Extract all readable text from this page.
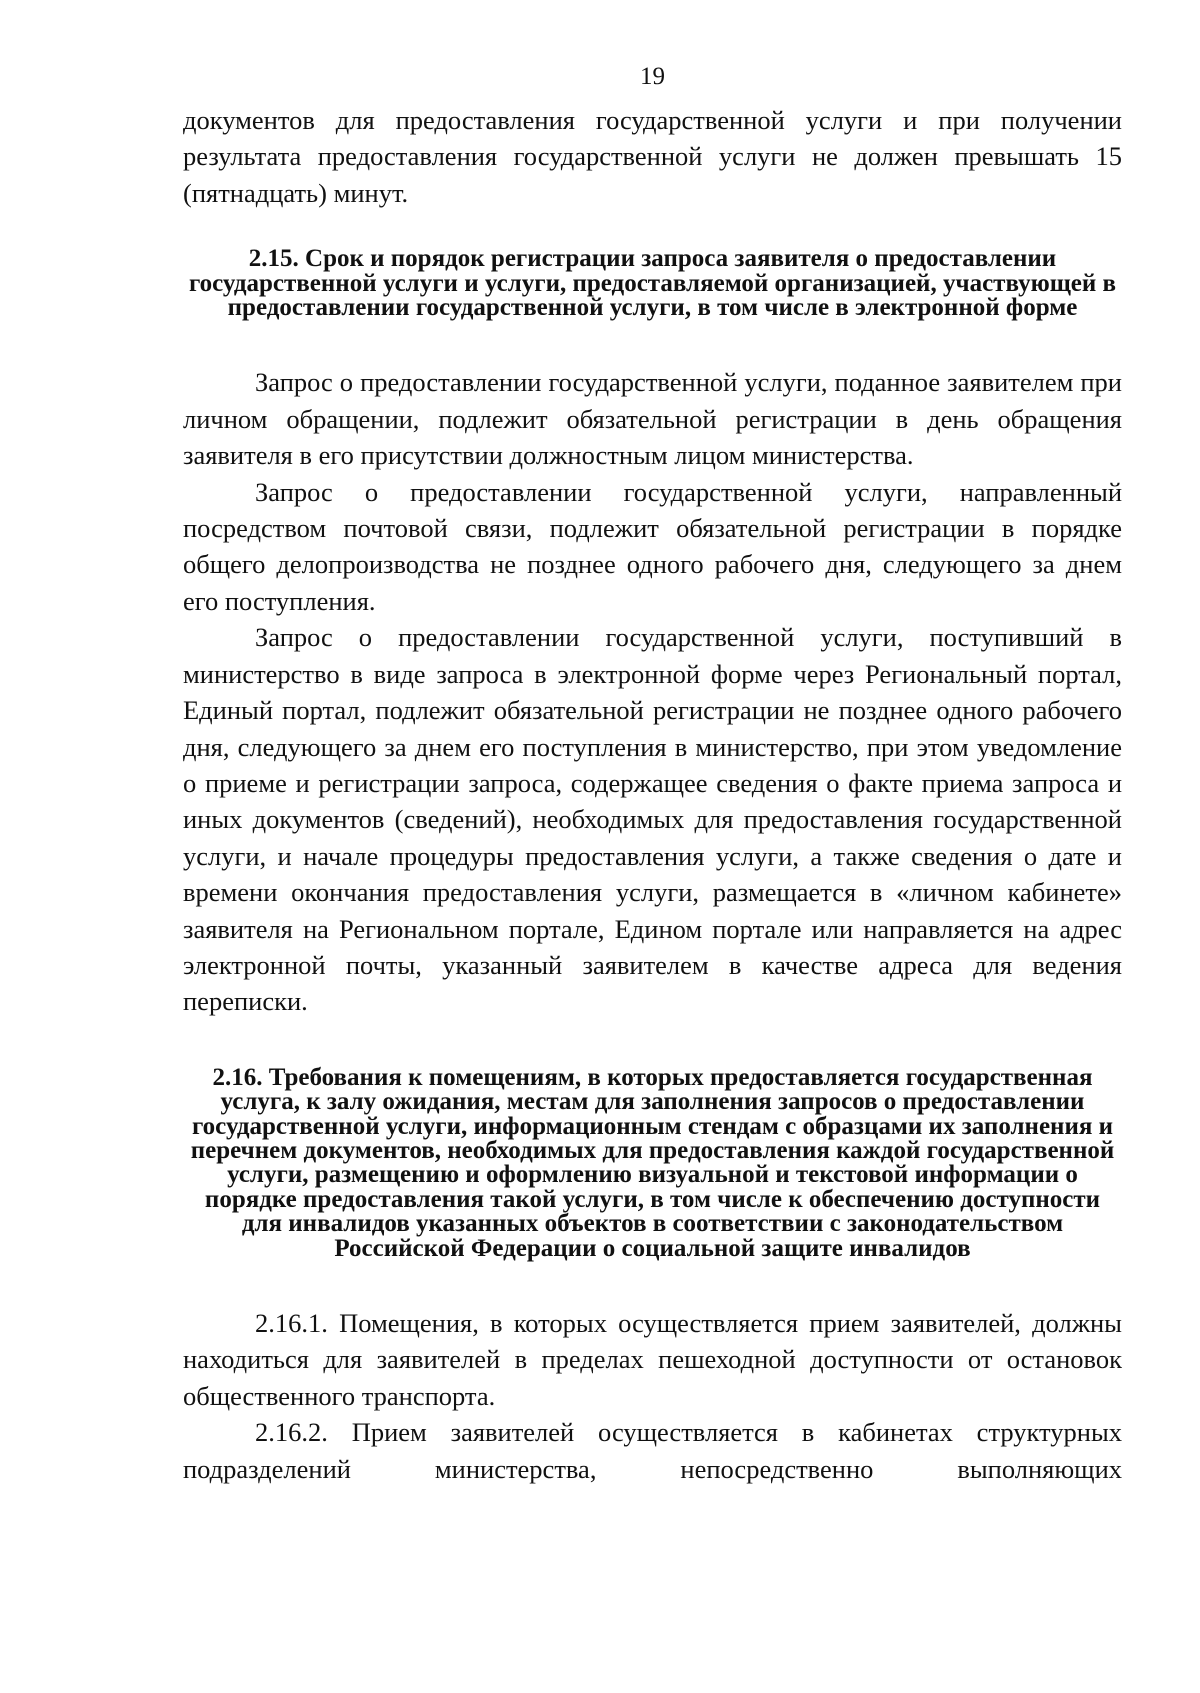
19

документов для предоставления государственной услуги и при получении результата предоставления государственной услуги не должен превышать 15 (пятнадцать) минут.

2.15. Срок и порядок регистрации запроса заявителя о предоставлении государственной услуги и услуги, предоставляемой организацией, участвующей в предоставлении государственной услуги, в том числе в электронной форме

Запрос о предоставлении государственной услуги, поданное заявителем при личном обращении, подлежит обязательной регистрации в день обращения заявителя в его присутствии должностным лицом министерства.

Запрос о предоставлении государственной услуги, направленный посредством почтовой связи, подлежит обязательной регистрации в порядке общего делопроизводства не позднее одного рабочего дня, следующего за днем его поступления.

Запрос о предоставлении государственной услуги, поступивший в министерство в виде запроса в электронной форме через Региональный портал, Единый портал, подлежит обязательной регистрации не позднее одного рабочего дня, следующего за днем его поступления в министерство, при этом уведомление о приеме и регистрации запроса, содержащее сведения о факте приема запроса и иных документов (сведений), необходимых для предоставления государственной услуги, и начале процедуры предоставления услуги, а также сведения о дате и времени окончания предоставления услуги, размещается в «личном кабинете» заявителя на Региональном портале, Едином портале или направляется на адрес электронной почты, указанный заявителем в качестве адреса для ведения переписки.

2.16. Требования к помещениям, в которых предоставляется государственная услуга, к залу ожидания, местам для заполнения запросов о предоставлении государственной услуги, информационным стендам с образцами их заполнения и перечнем документов, необходимых для предоставления каждой государственной услуги, размещению и оформлению визуальной и текстовой информации о порядке предоставления такой услуги, в том числе к обеспечению доступности для инвалидов указанных объектов в соответствии с законодательством Российской Федерации о социальной защите инвалидов

2.16.1. Помещения, в которых осуществляется прием заявителей, должны находиться для заявителей в пределах пешеходной доступности от остановок общественного транспорта.

2.16.2. Прием заявителей осуществляется в кабинетах структурных подразделений министерства, непосредственно выполняющих
